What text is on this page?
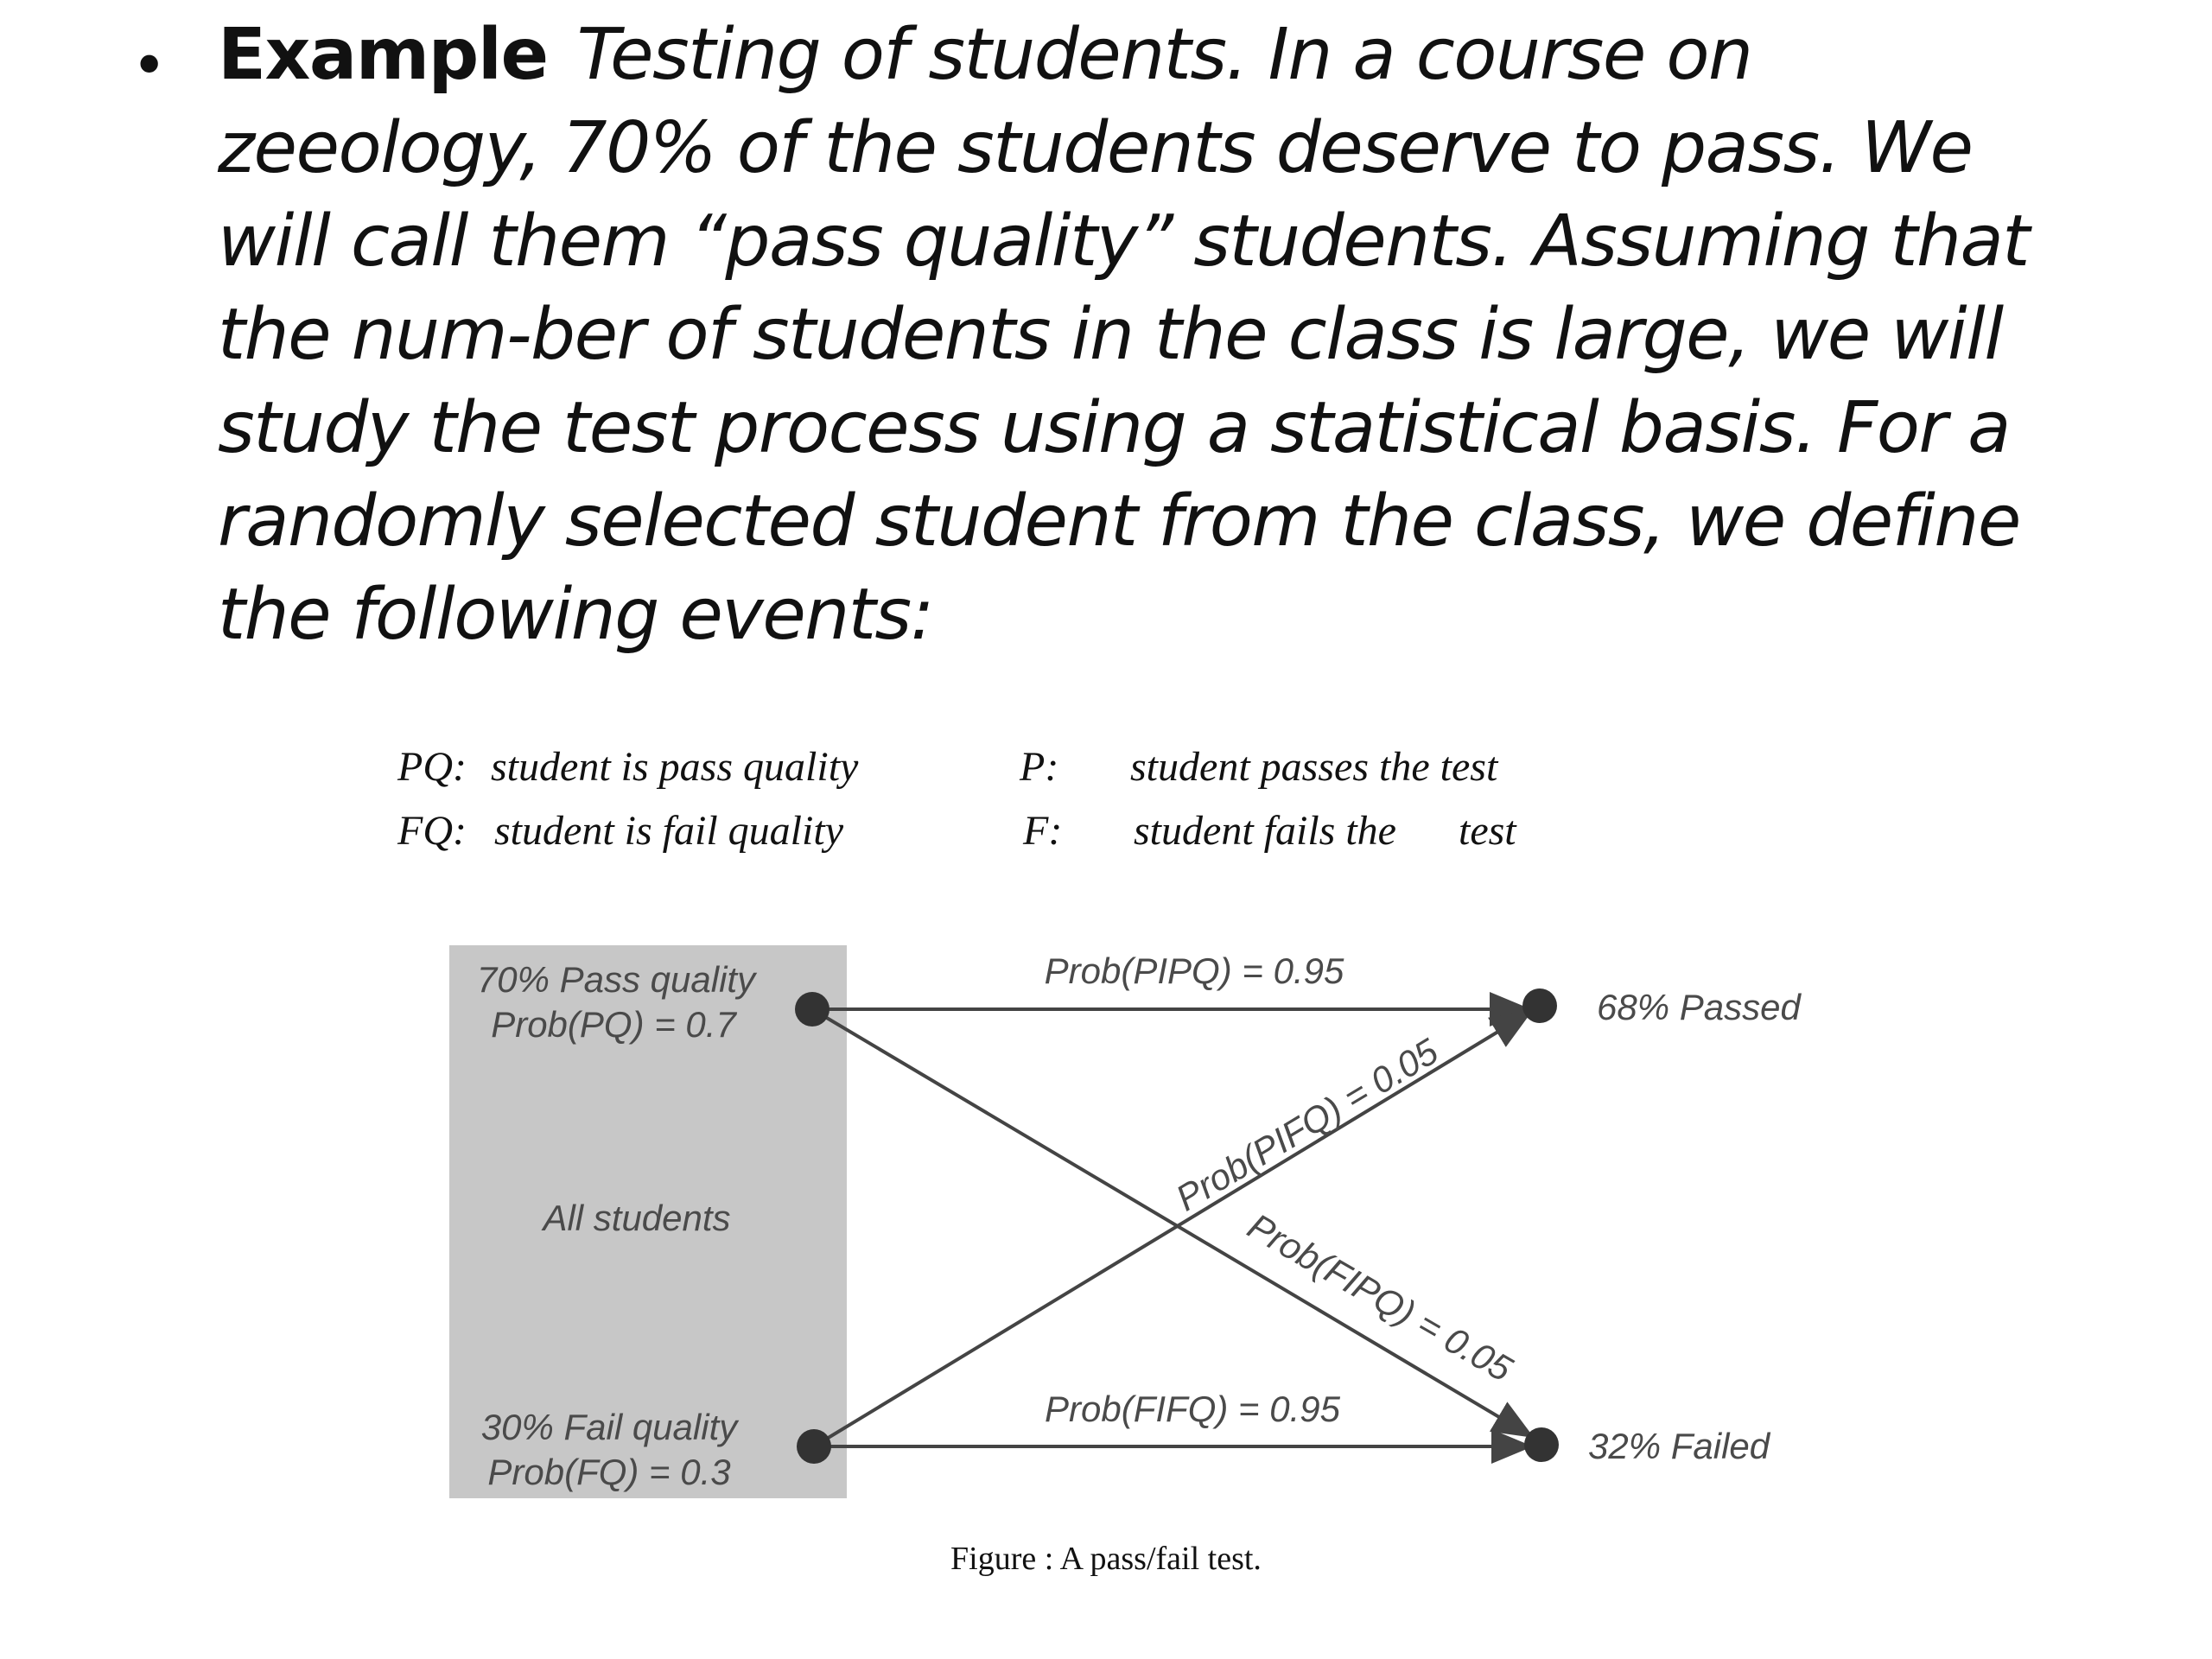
• Example Testing of students. In a course on
zeeology, 70% of the students deserve to pass. We
will call them “pass quality” students. Assuming that
the num-ber of students in the class is large, we will
study the test process using a statistical basis. For a
randomly selected student from the class, we define
the following events:
PQ: student is pass quality	P: student passes the test
FQ: student is fail quality	F: student fails the      test
70% Pass quality
Prob(PQ) = 0.7
All students
30% Fail quality
Prob(FQ) = 0.3
Prob(PIPQ) = 0.95
Prob(FIFQ) = 0.95
Prob(PIFQ) = 0.05
Prob(FIPQ) = 0.05
68% Passed
32% Failed
Figure : A pass/fail test.
